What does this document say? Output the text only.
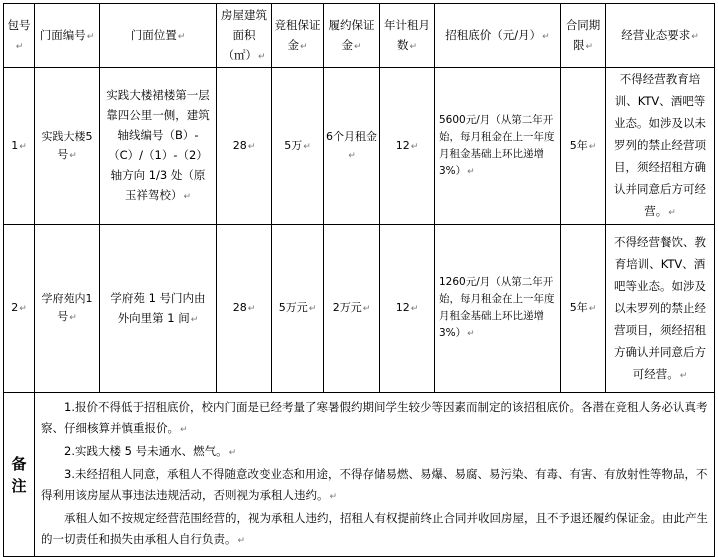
包号↵	门面编号↵	门面位置↵	房屋建筑面积（㎡）↵	竞租保证金↵	履约保证金↵	年计租月数↵	招租底价（元/月）↵	合同期限↵	经营业态要求↵
1↵	实践大楼5号↵	实践大楼裙楼第一层靠四公里一侧，建筑轴线编号（B）-（C）/（1）-（2）轴方向 1/3 处（原玉祥驾校）↵	28↵	5万↵	6个月租金↵	12↵	5600元/月（从第二年开始，每月租金在上一年度月租金基础上环比递增 3%）↵	5年↵	不得经营教育培训、KTV、酒吧等业态。如涉及以未罗列的禁止经营项目，须经招租方确认并同意后方可经营。↵
2↵	学府苑内1号↵	学府苑 1 号门内由外向里第 1 间↵	28↵	5万元↵	2万元↵	12↵	1260元/月（从第二年开始，每月租金在上一年度月租金基础上环比递增 3%）↵	5年↵	不得经营餐饮、教育培训、KTV、酒吧等业态。如涉及以未罗列的禁止经营项目，须经招租方确认并同意后方可经营。↵
备注	1.报价不得低于招租底价，校内门面是已经考量了寒暑假约期间学生较少等因素而制定的该招租底价。各潜在竞租人务必认真考察、仔细核算并慎重报价。↵

2.实践大楼 5 号未通水、燃气。↵

3.未经招租人同意，承租人不得随意改变业态和用途，不得存储易燃、易爆、易腐、易污染、有毒、有害、有放射性等物品，不得利用该房屋从事违法违规活动，否则视为承租人违约。↵

承租人如不按规定经营范围经营的，视为承租人违约，招租人有权提前终止合同并收回房屋，且不予退还履约保证金。由此产生的一切责任和损失由承租人自行负责。↵								
